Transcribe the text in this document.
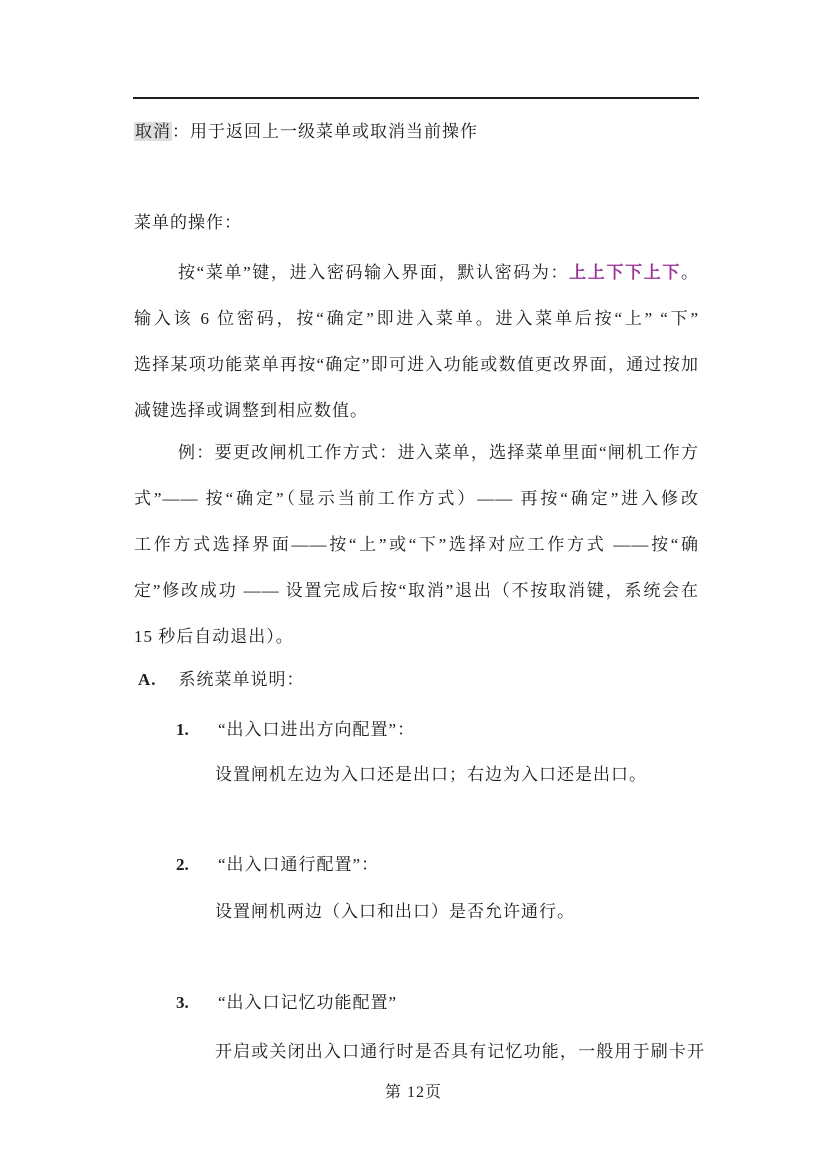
取消：用于返回上一级菜单或取消当前操作
菜单的操作：
按“菜单”键，进入密码输入界面，默认密码为：上上下下上下。
输入该 6 位密码，按“确定”即进入菜单。进入菜单后按“上” “下”
选择某项功能菜单再按“确定”即可进入功能或数值更改界面，通过按加
减键选择或调整到相应数值。
例：要更改闸机工作方式：进入菜单，选择菜单里面“闸机工作方
式”—— 按“确定”（显示当前工作方式）—— 再按“确定”进入修改
工作方式选择界面——按“上”或“下”选择对应工作方式 ——按“确
定”修改成功 —— 设置完成后按“取消”退出（不按取消键，系统会在
15 秒后自动退出）。
A. 系统菜单说明：
1. “出入口进出方向配置”：
设置闸机左边为入口还是出口；右边为入口还是出口。
2. “出入口通行配置”：
设置闸机两边（入口和出口）是否允许通行。
3. “出入口记忆功能配置”
开启或关闭出入口通行时是否具有记忆功能，一般用于刷卡开
第 12页
